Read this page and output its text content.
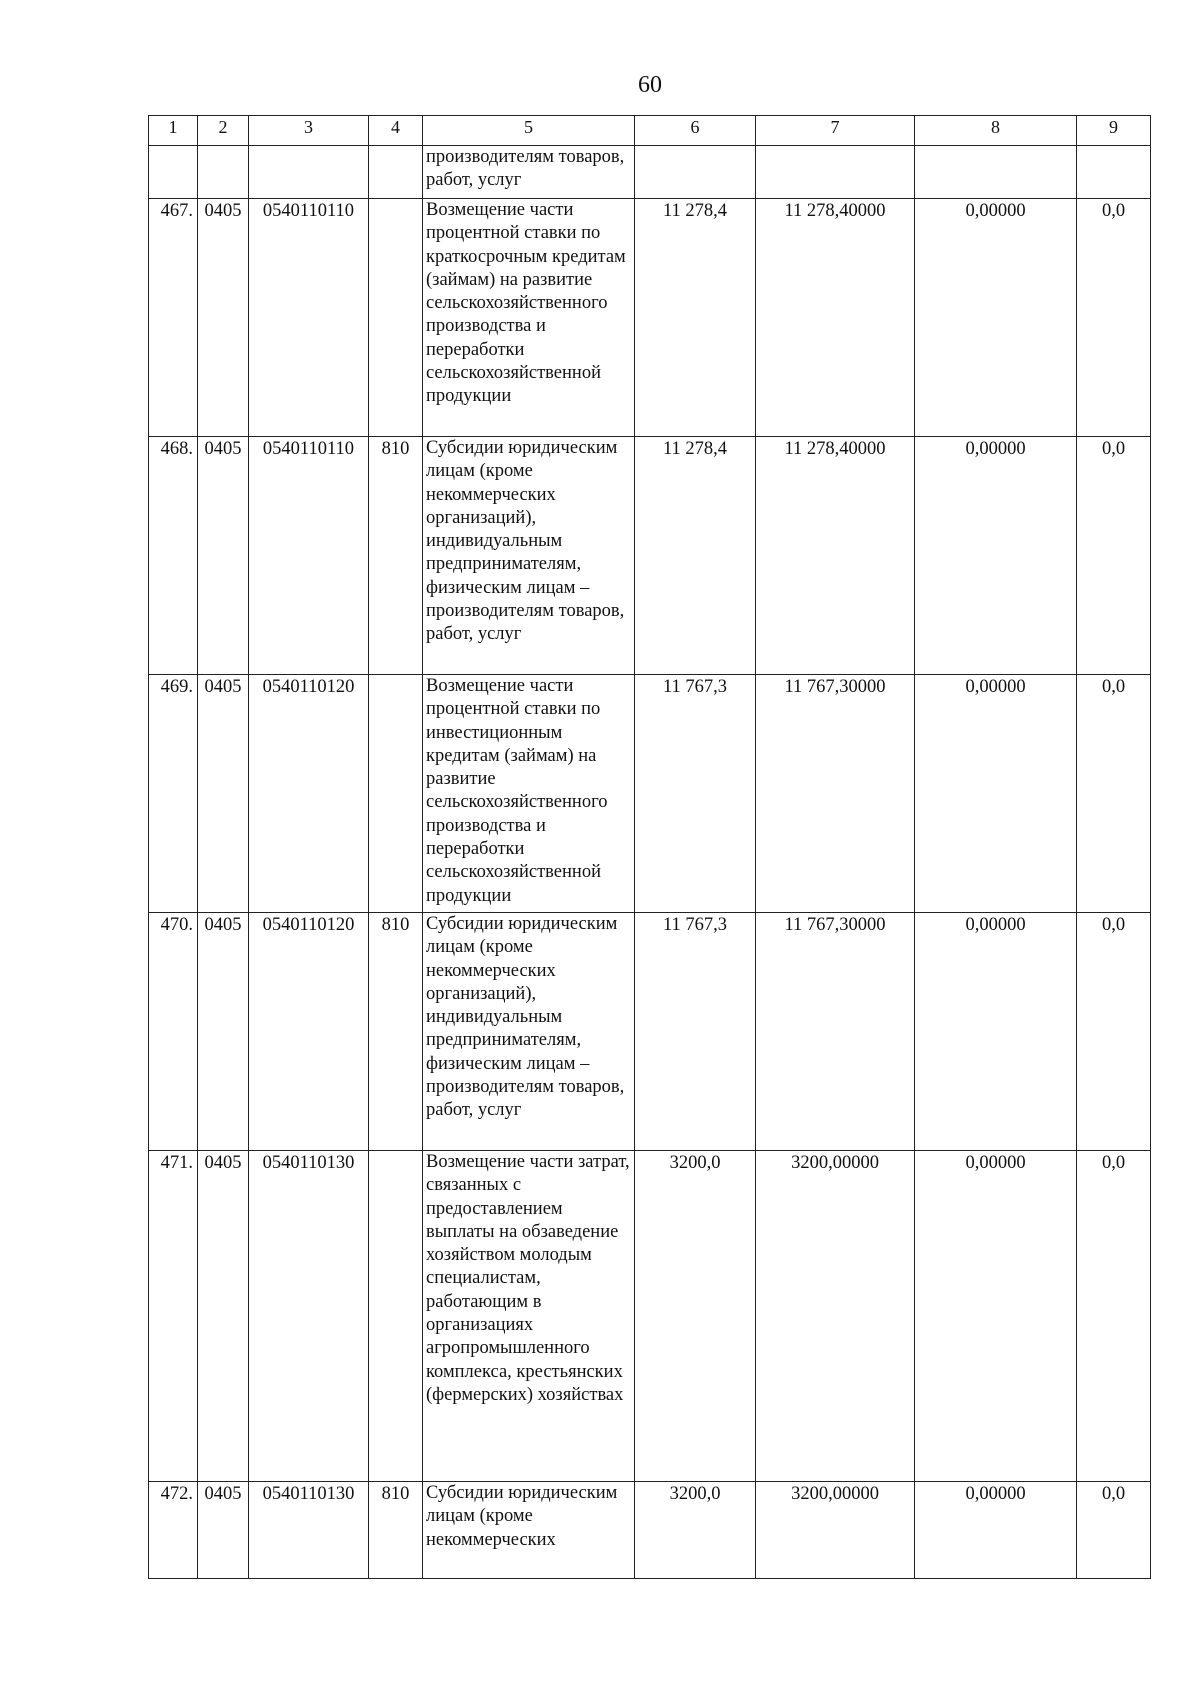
60
1	2	3	4	5	6	7	8	9
				производителям товаров, работ, услуг				
467.	0405	0540110110		Возмещение части процентной ставки по краткосрочным кредитам (займам) на развитие сельскохозяйственного производства и переработки сельскохозяйственной продукции	11 278,4	11 278,40000	0,00000	0,0
468.	0405	0540110110	810	Субсидии юридическим лицам (кроме некоммерческих организаций), индивидуальным предпринимателям, физическим лицам – производителям товаров, работ, услуг	11 278,4	11 278,40000	0,00000	0,0
469.	0405	0540110120		Возмещение части процентной ставки по инвестиционным кредитам (займам) на развитие сельскохозяйственного производства и переработки сельскохозяйственной продукции	11 767,3	11 767,30000	0,00000	0,0
470.	0405	0540110120	810	Субсидии юридическим лицам (кроме некоммерческих организаций), индивидуальным предпринимателям, физическим лицам – производителям товаров, работ, услуг	11 767,3	11 767,30000	0,00000	0,0
471.	0405	0540110130		Возмещение части затрат, связанных с предоставлением выплаты на обзаведение хозяйством молодым специалистам, работающим в организациях агропромышленного комплекса, крестьянских (фермерских) хозяйствах	3200,0	3200,00000	0,00000	0,0
472.	0405	0540110130	810	Субсидии юридическим лицам (кроме некоммерческих	3200,0	3200,00000	0,00000	0,0
